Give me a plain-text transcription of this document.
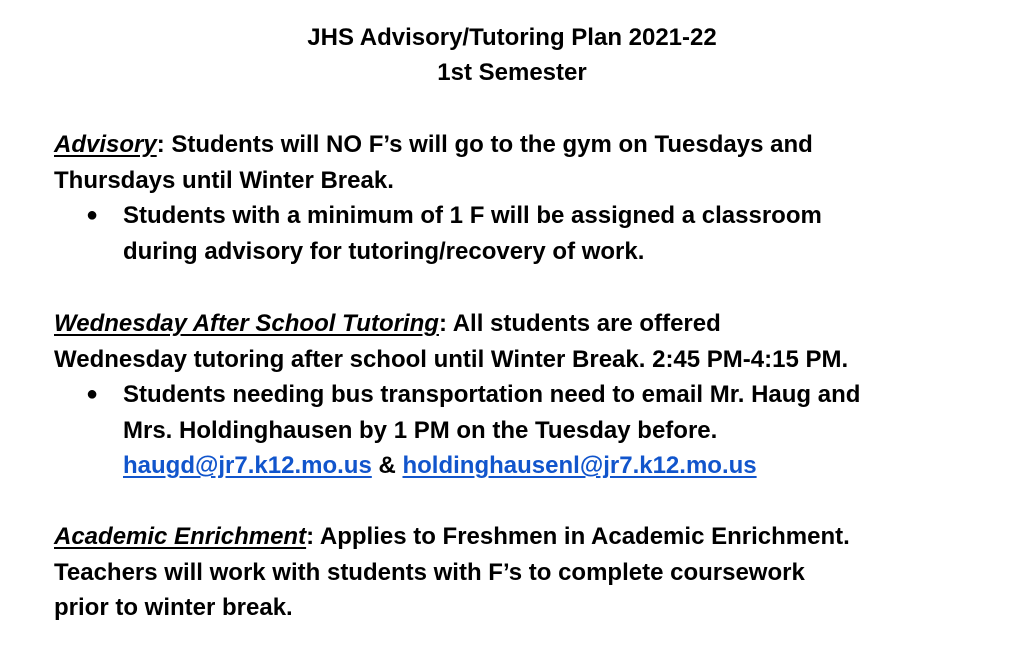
JHS Advisory/Tutoring Plan 2021-22
1st Semester
Advisory: Students will NO F’s will go to the gym on Tuesdays and
Thursdays until Winter Break.
● Students with a minimum of 1 F will be assigned a classroom
during advisory for tutoring/recovery of work.
Wednesday After School Tutoring: All students are offered
Wednesday tutoring after school until Winter Break. 2:45 PM-4:15 PM.
● Students needing bus transportation need to email Mr. Haug and
Mrs. Holdinghausen by 1 PM on the Tuesday before.
haugd@jr7.k12.mo.us & holdinghausenl@jr7.k12.mo.us
Academic Enrichment: Applies to Freshmen in Academic Enrichment.
Teachers will work with students with F’s to complete coursework
prior to winter break.
